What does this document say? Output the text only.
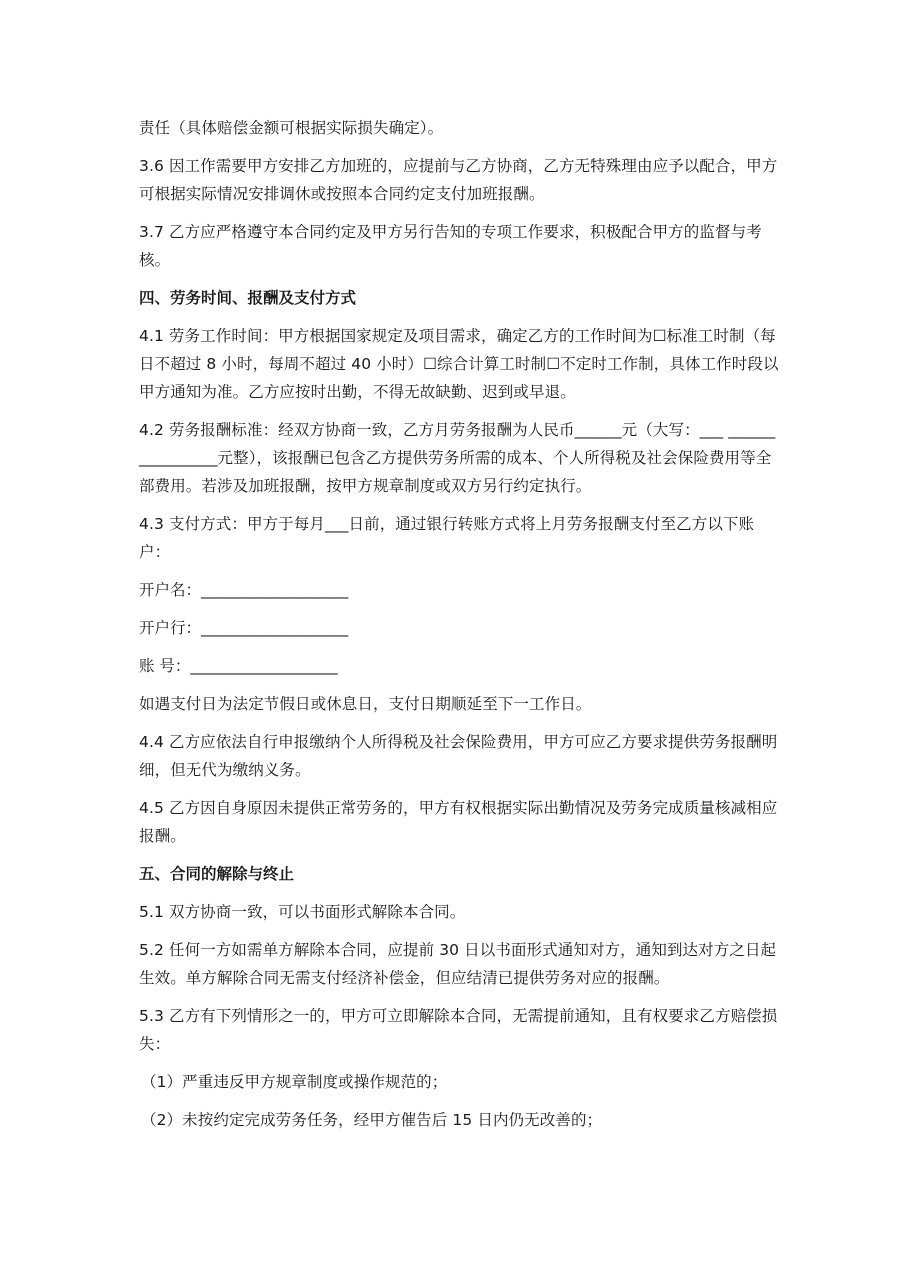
责任（具体赔偿金额可根据实际损失确定）。

3.6 因工作需要甲方安排乙方加班的，应提前与乙方协商，乙方无特殊理由应予以配合，甲方可根据实际情况安排调休或按照本合同约定支付加班报酬。

3.7 乙方应严格遵守本合同约定及甲方另行告知的专项工作要求，积极配合甲方的监督与考核。

四、劳务时间、报酬及支付方式

4.1 劳务工作时间：甲方根据国家规定及项目需求，确定乙方的工作时间为☐标准工时制（每日不超过 8 小时，每周不超过 40 小时）☐综合计算工时制☐不定时工作制，具体工作时段以甲方通知为准。乙方应按时出勤，不得无故缺勤、迟到或早退。

4.2 劳务报酬标准：经双方协商一致，乙方月劳务报酬为人民币______元（大写：___ ________________元整），该报酬已包含乙方提供劳务所需的成本、个人所得税及社会保险费用等全部费用。若涉及加班报酬，按甲方规章制度或双方另行约定执行。

4.3 支付方式：甲方于每月___日前，通过银行转账方式将上月劳务报酬支付至乙方以下账户：

开户名：___________________

开户行：___________________

账 号：___________________

如遇支付日为法定节假日或休息日，支付日期顺延至下一工作日。

4.4 乙方应依法自行申报缴纳个人所得税及社会保险费用，甲方可应乙方要求提供劳务报酬明细，但无代为缴纳义务。

4.5 乙方因自身原因未提供正常劳务的，甲方有权根据实际出勤情况及劳务完成质量核减相应报酬。

五、合同的解除与终止

5.1 双方协商一致，可以书面形式解除本合同。

5.2 任何一方如需单方解除本合同，应提前 30 日以书面形式通知对方，通知到达对方之日起生效。单方解除合同无需支付经济补偿金，但应结清已提供劳务对应的报酬。

5.3 乙方有下列情形之一的，甲方可立即解除本合同，无需提前通知，且有权要求乙方赔偿损失：

（1）严重违反甲方规章制度或操作规范的；

（2）未按约定完成劳务任务，经甲方催告后 15 日内仍无改善的；
